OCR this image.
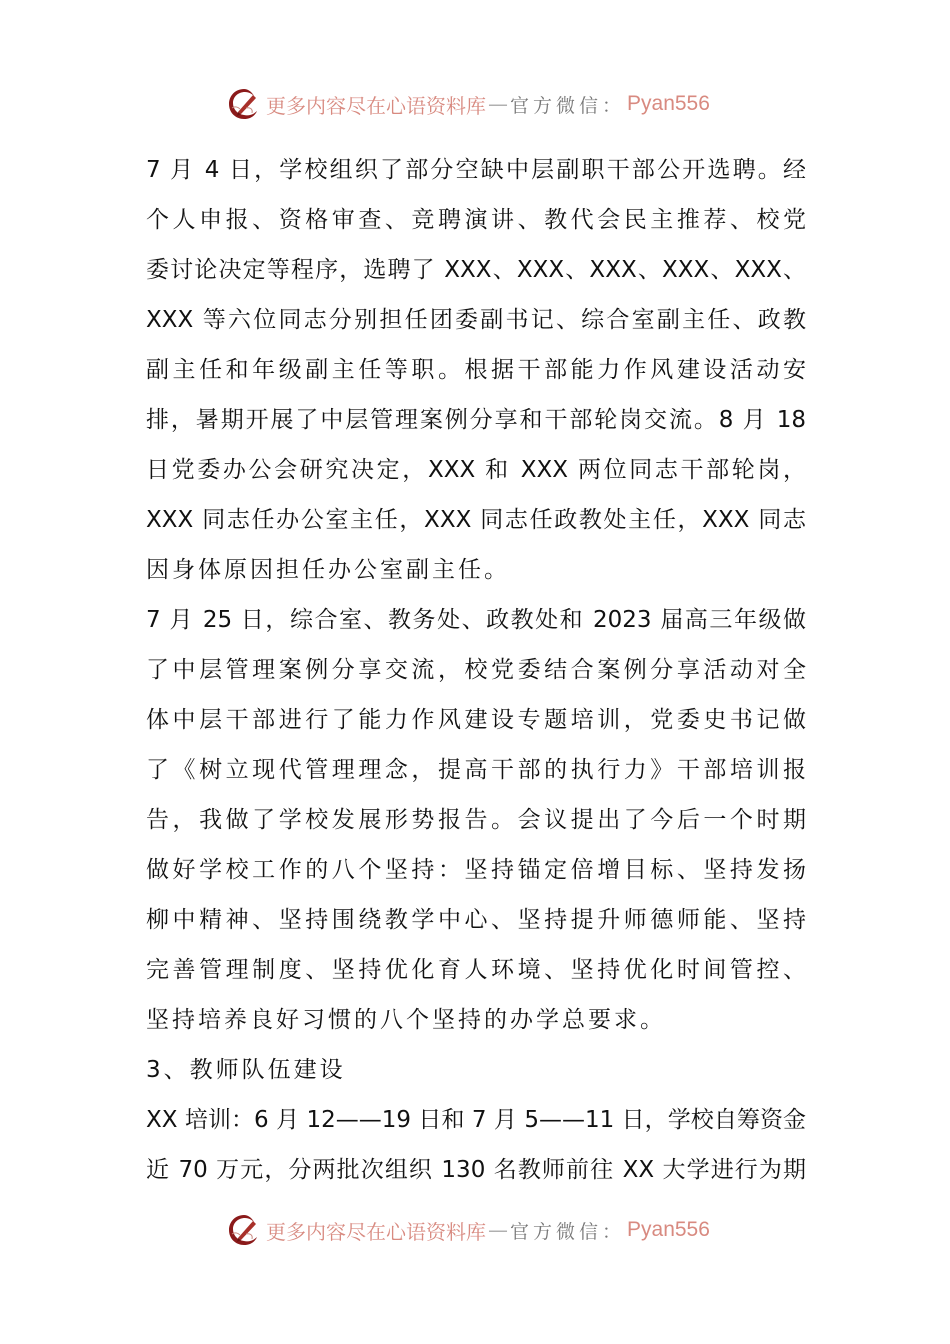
更多内容尽在心语资料库 — 官方微信： Pyan556
7 月 4 日，学校组织了部分空缺中层副职干部公开选聘。经
个人申报、资格审查、竞聘演讲、教代会民主推荐、校党
委讨论决定等程序，选聘了 XXX、XXX、XXX、XXX、XXX、
XXX 等六位同志分别担任团委副书记、综合室副主任、政教
副主任和年级副主任等职。根据干部能力作风建设活动安
排，暑期开展了中层管理案例分享和干部轮岗交流。8 月 18
日党委办公会研究决定，XXX 和 XXX 两位同志干部轮岗，
XXX 同志任办公室主任，XXX 同志任政教处主任，XXX 同志
因身体原因担任办公室副主任。
7 月 25 日，综合室、教务处、政教处和 2023 届高三年级做
了中层管理案例分享交流，校党委结合案例分享活动对全
体中层干部进行了能力作风建设专题培训，党委史书记做
了《树立现代管理理念，提高干部的执行力》干部培训报
告，我做了学校发展形势报告。会议提出了今后一个时期
做好学校工作的八个坚持：坚持锚定倍增目标、坚持发扬
柳中精神、坚持围绕教学中心、坚持提升师德师能、坚持
完善管理制度、坚持优化育人环境、坚持优化时间管控、
坚持培养良好习惯的八个坚持的办学总要求。
3、教师队伍建设
XX 培训：6 月 12——19 日和 7 月 5——11 日，学校自筹资金
近 70 万元，分两批次组织 130 名教师前往 XX 大学进行为期
更多内容尽在心语资料库 — 官方微信： Pyan556
